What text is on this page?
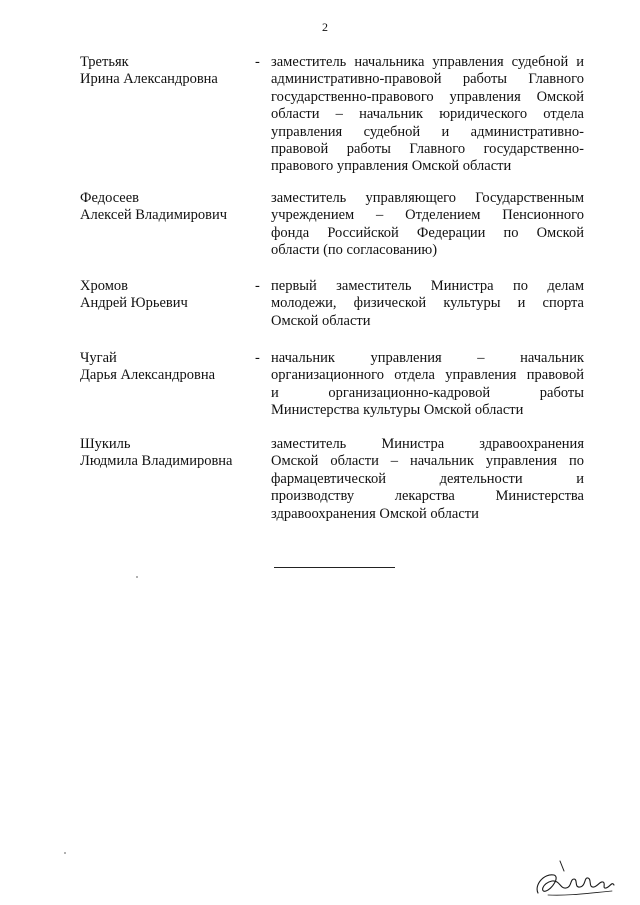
2
Третьяк
Ирина Александровна
- заместитель начальника управления судебной и
административно-правовой работы Главного
государственно-правового управления Омской
области – начальник юридического отдела
управления судебной и административно-
правовой работы Главного государственно-
правового управления Омской области
Федосеев
Алексей Владимирович
заместитель управляющего Государственным
учреждением – Отделением Пенсионного
фонда Российской Федерации по Омской
области (по согласованию)
Хромов
Андрей Юрьевич
- первый заместитель Министра по делам
молодежи, физической культуры и спорта
Омской области
Чугай
Дарья Александровна
- начальник управления – начальник
организационного отдела управления правовой
и организационно-кадровой работы
Министерства культуры Омской области
Шукиль
Людмила Владимировна
заместитель Министра здравоохранения
Омской области – начальник управления по
фармацевтической деятельности и
производству лекарства Министерства
здравоохранения Омской области
